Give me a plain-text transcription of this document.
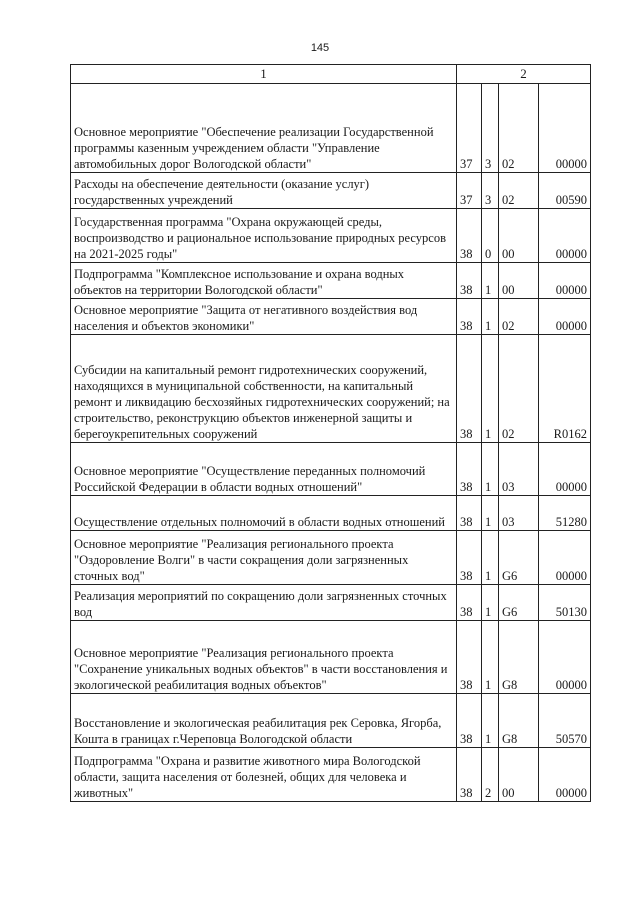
145
1	2			
Основное мероприятие "Обеспечение реализации Государственной программы казенным учреждением области "Управление автомобильных дорог Вологодской области"	37	3	02	00000
Расходы на обеспечение деятельности (оказание услуг) государственных учреждений	37	3	02	00590
Государственная программа "Охрана окружающей среды, воспроизводство и рациональное использование природных ресурсов на 2021-2025 годы"	38	0	00	00000
Подпрограмма "Комплексное использование и охрана водных объектов на территории Вологодской области"	38	1	00	00000
Основное мероприятие "Защита от негативного воздействия вод населения и объектов экономики"	38	1	02	00000
Субсидии на капитальный ремонт гидротехнических сооружений, находящихся в муниципальной собственности, на капитальный ремонт и ликвидацию бесхозяйных гидротехнических сооружений; на строительство, реконструкцию объектов инженерной защиты и берегоукрепительных сооружений	38	1	02	R0162
Основное мероприятие "Осуществление переданных полномочий Российской Федерации в области водных отношений"	38	1	03	00000
Осуществление отдельных полномочий в области водных отношений	38	1	03	51280
Основное мероприятие "Реализация регионального проекта "Оздоровление Волги" в части сокращения доли загрязненных сточных вод"	38	1	G6	00000
Реализация мероприятий по сокращению доли загрязненных сточных вод	38	1	G6	50130
Основное мероприятие "Реализация регионального проекта "Сохранение уникальных водных объектов" в части восстановления и экологической реабилитация водных объектов"	38	1	G8	00000
Восстановление и экологическая реабилитация рек Серовка, Ягорба, Кошта в границах г.Череповца Вологодской области	38	1	G8	50570
Подпрограмма "Охрана и развитие животного мира Вологодской области, защита населения от болезней, общих для человека и животных"	38	2	00	00000
